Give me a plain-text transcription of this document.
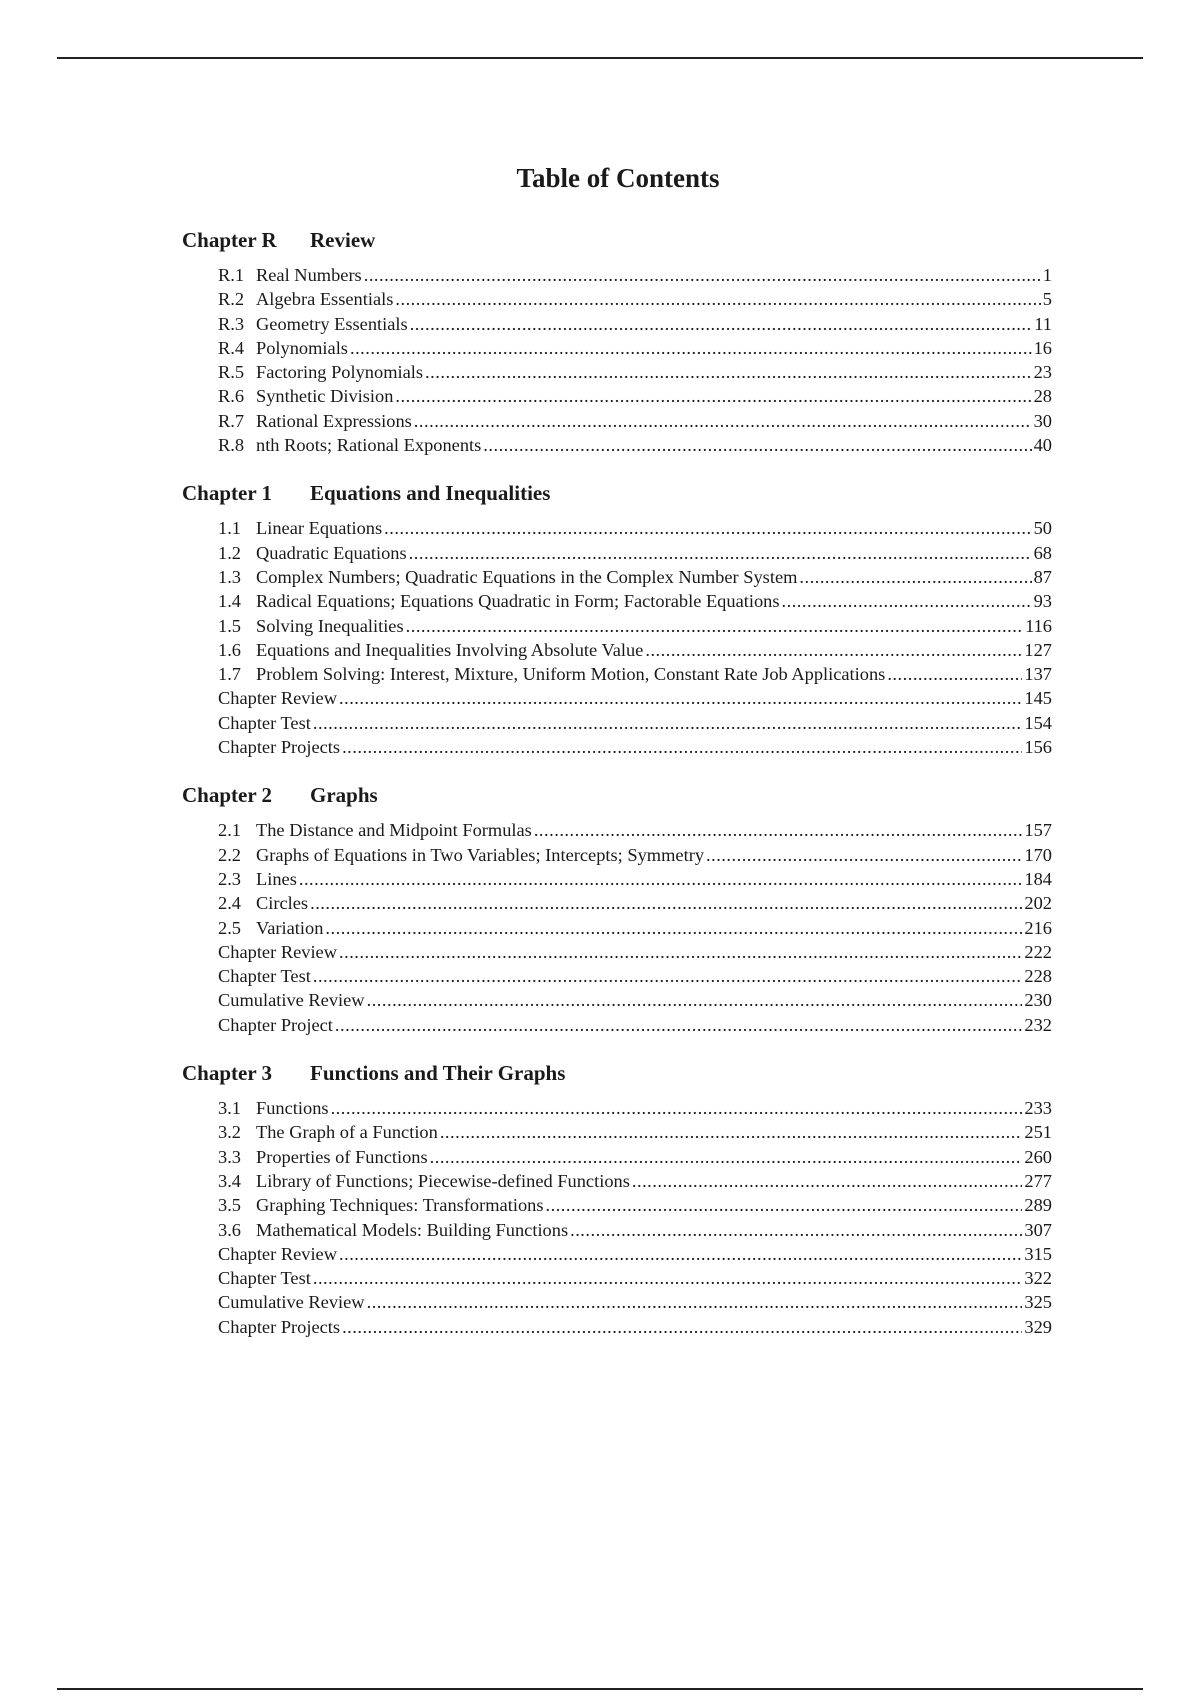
Table of Contents
Chapter R	Review
R.1 Real Numbers .....	1
R.2 Algebra Essentials .....	5
R.3 Geometry Essentials .....	11
R.4 Polynomials .....	16
R.5 Factoring Polynomials .....	23
R.6 Synthetic Division .....	28
R.7 Rational Expressions .....	30
R.8 nth Roots; Rational Exponents .....	40
Chapter 1	Equations and Inequalities
1.1 Linear Equations .....	50
1.2 Quadratic Equations .....	68
1.3 Complex Numbers; Quadratic Equations in the Complex Number System .....	87
1.4 Radical Equations; Equations Quadratic in Form; Factorable Equations .....	93
1.5 Solving Inequalities .....	116
1.6 Equations and Inequalities Involving Absolute Value .....	127
1.7 Problem Solving: Interest, Mixture, Uniform Motion, Constant Rate Job Applications .....	137
Chapter Review .....	145
Chapter Test .....	154
Chapter Projects .....	156
Chapter 2	Graphs
2.1 The Distance and Midpoint Formulas .....	157
2.2 Graphs of Equations in Two Variables; Intercepts; Symmetry .....	170
2.3 Lines .....	184
2.4 Circles .....	202
2.5 Variation .....	216
Chapter Review .....	222
Chapter Test .....	228
Cumulative Review .....	230
Chapter Project .....	232
Chapter 3	Functions and Their Graphs
3.1 Functions .....	233
3.2 The Graph of a Function .....	251
3.3 Properties of Functions .....	260
3.4 Library of Functions; Piecewise-defined Functions .....	277
3.5 Graphing Techniques: Transformations .....	289
3.6 Mathematical Models: Building Functions .....	307
Chapter Review .....	315
Chapter Test .....	322
Cumulative Review .....	325
Chapter Projects .....	329
